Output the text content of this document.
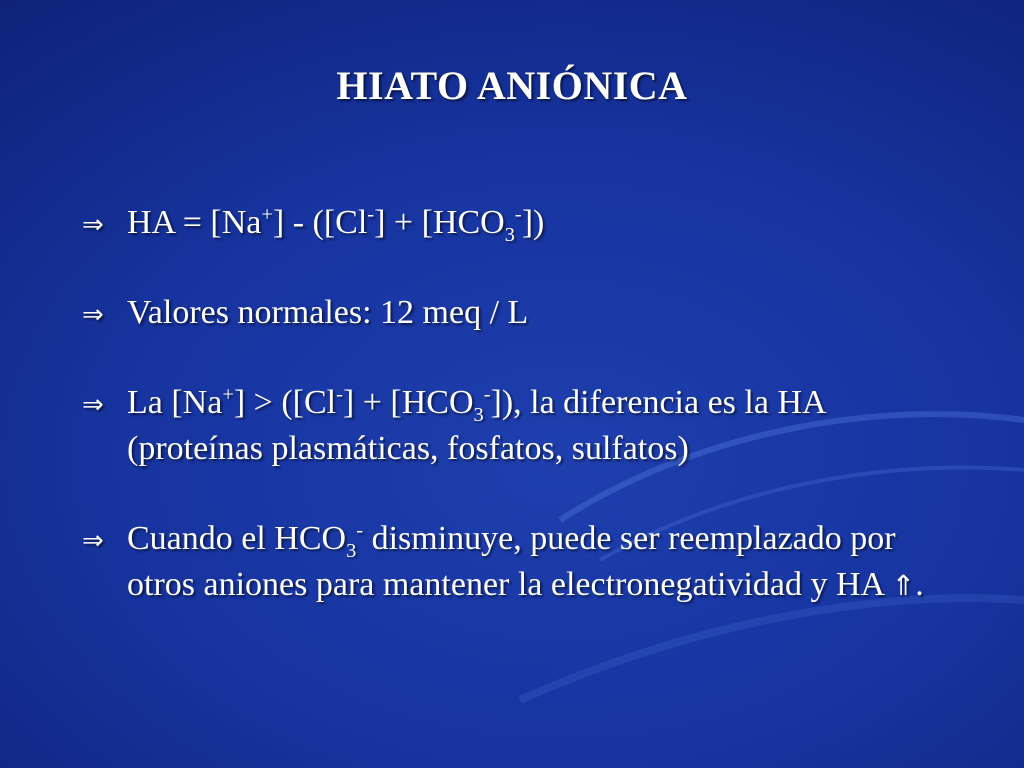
HIATO ANIÓNICA
⇒ HA = $[Na^+] - ([Cl^-] + [HCO_3^-])$
⇒ Valores normales: 12 meq / L
⇒ La $[Na^+] > ([Cl^-] + [HCO_3^-])$, la diferencia es la HA (proteínas plasmáticas, fosfatos, sulfatos)
⇒ Cuando el $HCO_3^-$ disminuye, puede ser reemplazado por otros aniones para mantener la electronegatividad y HA ⇑.
